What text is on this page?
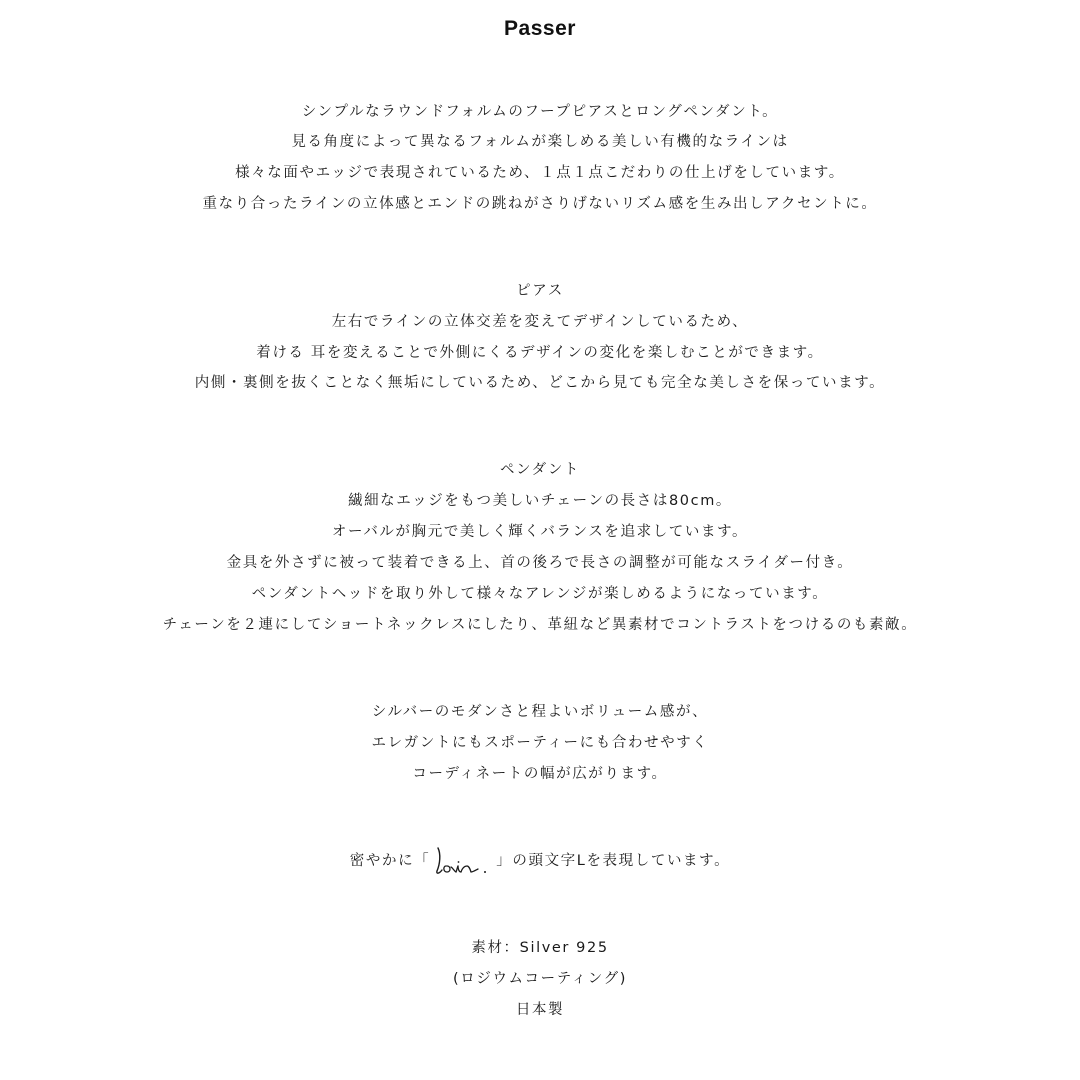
Passer
シンプルなラウンドフォルムのフープピアスとロングペンダント。
見る角度によって異なるフォルムが楽しめる美しい有機的なラインは
様々な面やエッジで表現されているため、１点１点こだわりの仕上げをしています。
重なり合ったラインの立体感とエンドの跳ねがさりげないリズム感を生み出しアクセントに。
ピアス
左右でラインの立体交差を変えてデザインしているため、
着ける 耳を変えることで外側にくるデザインの変化を楽しむことができます。
内側・裏側を抜くことなく無垢にしているため、どこから見ても完全な美しさを保っています。
ペンダント
繊細なエッジをもつ美しいチェーンの長さは80cm。
オーバルが胸元で美しく輝くバランスを追求しています。
金具を外さずに被って装着できる上、首の後ろで長さの調整が可能なスライダー付き。
ペンダントヘッドを取り外して様々なアレンジが楽しめるようになっています。
チェーンを２連にしてショートネックレスにしたり、革紐など異素材でコントラストをつけるのも素敵。
シルバーのモダンさと程よいボリューム感が、
エレガントにもスポーティーにも合わせやすく
コーディネートの幅が広がります。
密やかに「	」の頭文字Lを表現しています。
素材：Silver 925
(ロジウムコーティング)
日本製
